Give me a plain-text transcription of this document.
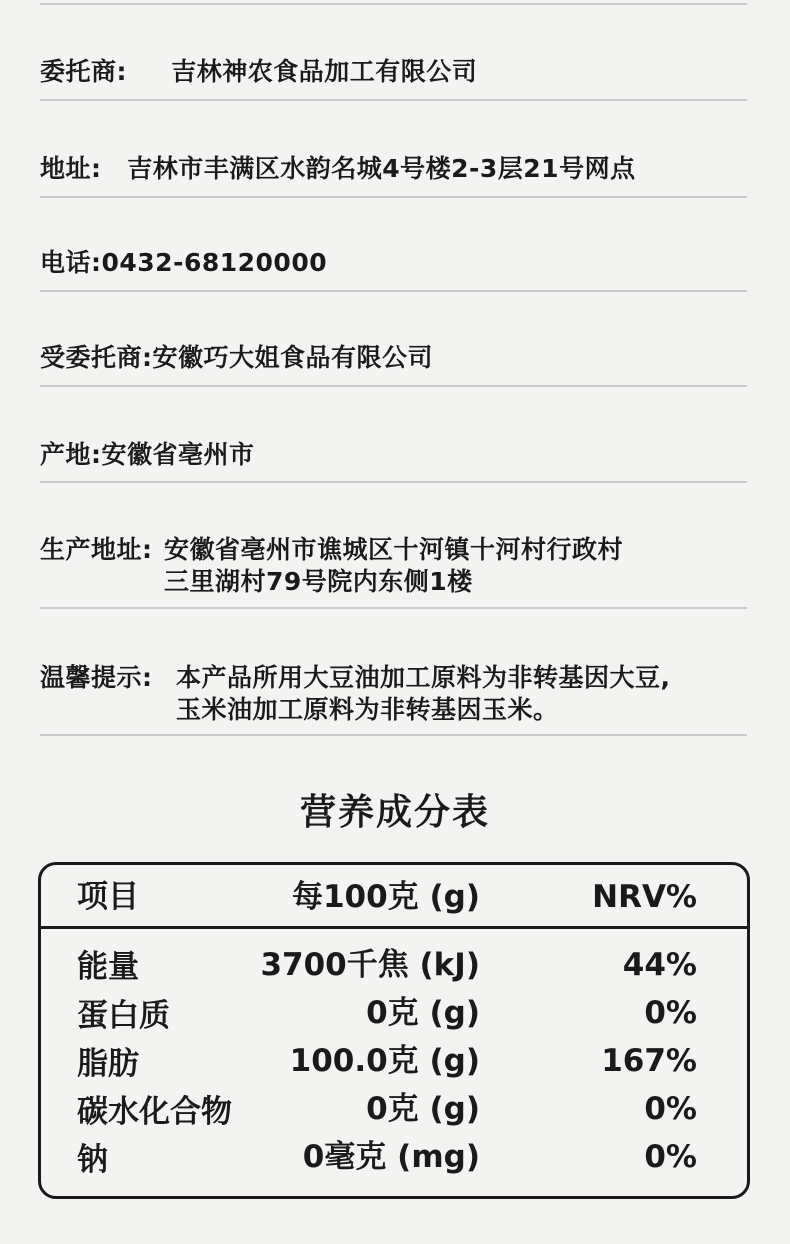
委托商: 吉林神农食品加工有限公司
地址: 吉林市丰满区水韵名城4号楼2-3层21号网点
电话:0432-68120000
受委托商:安徽巧大姐食品有限公司
产地:安徽省亳州市
生产地址: 安徽省亳州市谯城区十河镇十河村行政村
三里湖村79号院内东侧1楼
温馨提示: 本产品所用大豆油加工原料为非转基因大豆,
玉米油加工原料为非转基因玉米。
营养成分表
项目	每100克 (g)	NRV%
能量	3700千焦 (kJ)	44%
蛋白质	0克 (g)	0%
脂肪	100.0克 (g)	167%
碳水化合物	0克 (g)	0%
钠	0毫克 (mg)	0%
